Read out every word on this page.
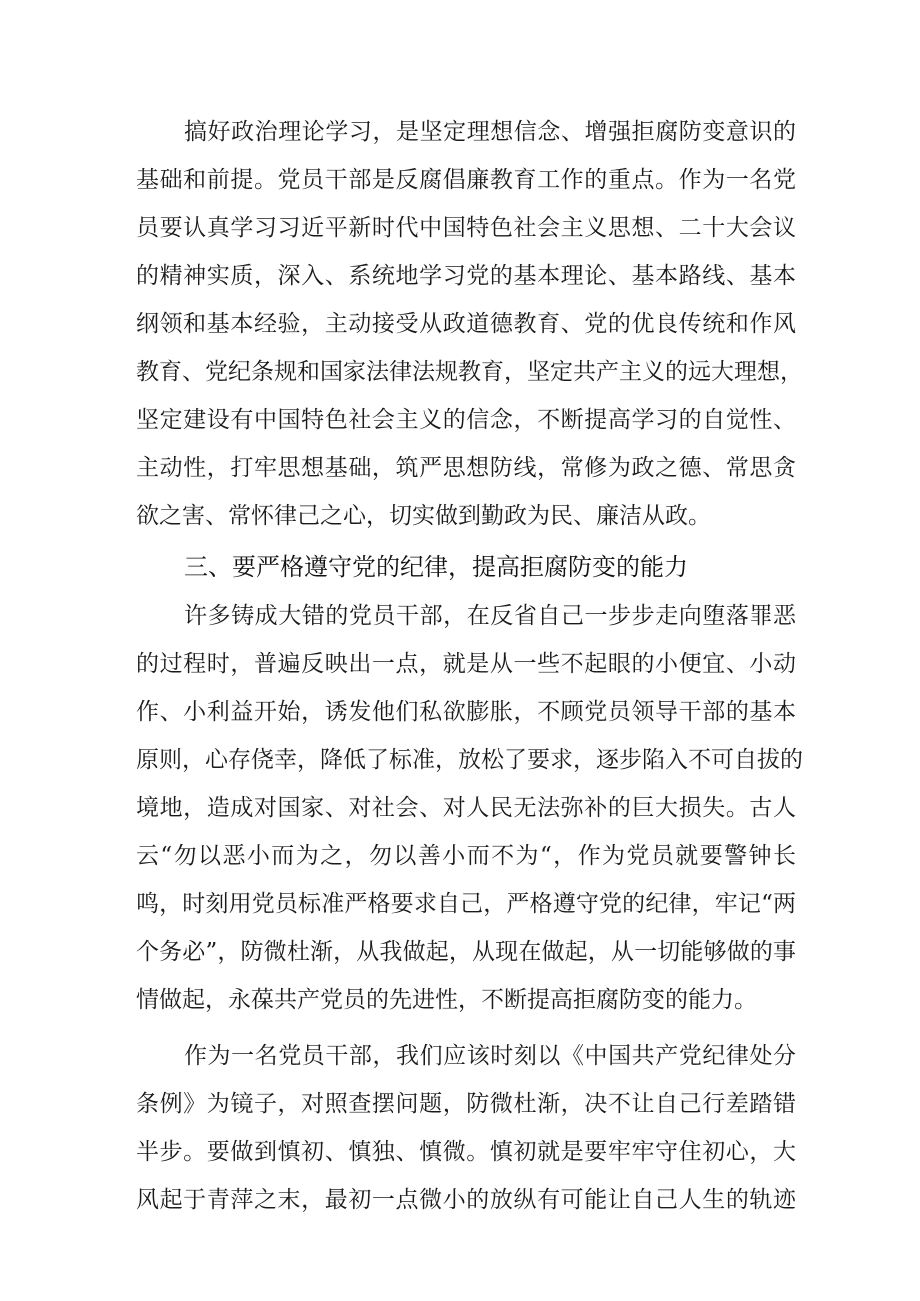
搞好政治理论学习，是坚定理想信念、增强拒腐防变意识的
基础和前提。党员干部是反腐倡廉教育工作的重点。作为一名党
员要认真学习习近平新时代中国特色社会主义思想、二十大会议
的精神实质，深入、系统地学习党的基本理论、基本路线、基本
纲领和基本经验，主动接受从政道德教育、党的优良传统和作风
教育、党纪条规和国家法律法规教育，坚定共产主义的远大理想，
坚定建设有中国特色社会主义的信念，不断提高学习的自觉性、
主动性，打牢思想基础，筑严思想防线，常修为政之德、常思贪
欲之害、常怀律己之心，切实做到勤政为民、廉洁从政。
三、要严格遵守党的纪律，提高拒腐防变的能力
许多铸成大错的党员干部，在反省自己一步步走向堕落罪恶
的过程时，普遍反映出一点，就是从一些不起眼的小便宜、小动
作、小利益开始，诱发他们私欲膨胀，不顾党员领导干部的基本
原则，心存侥幸，降低了标准，放松了要求，逐步陷入不可自拔的
境地，造成对国家、对社会、对人民无法弥补的巨大损失。古人
云“勿以恶小而为之，勿以善小而不为“，作为党员就要警钟长
鸣，时刻用党员标准严格要求自己，严格遵守党的纪律，牢记“两
个务必”，防微杜渐，从我做起，从现在做起，从一切能够做的事
情做起，永葆共产党员的先进性，不断提高拒腐防变的能力。
作为一名党员干部，我们应该时刻以《中国共产党纪律处分
条例》为镜子，对照查摆问题，防微杜渐，决不让自己行差踏错
半步。要做到慎初、慎独、慎微。慎初就是要牢牢守住初心，大
风起于青萍之末，最初一点微小的放纵有可能让自己人生的轨迹
